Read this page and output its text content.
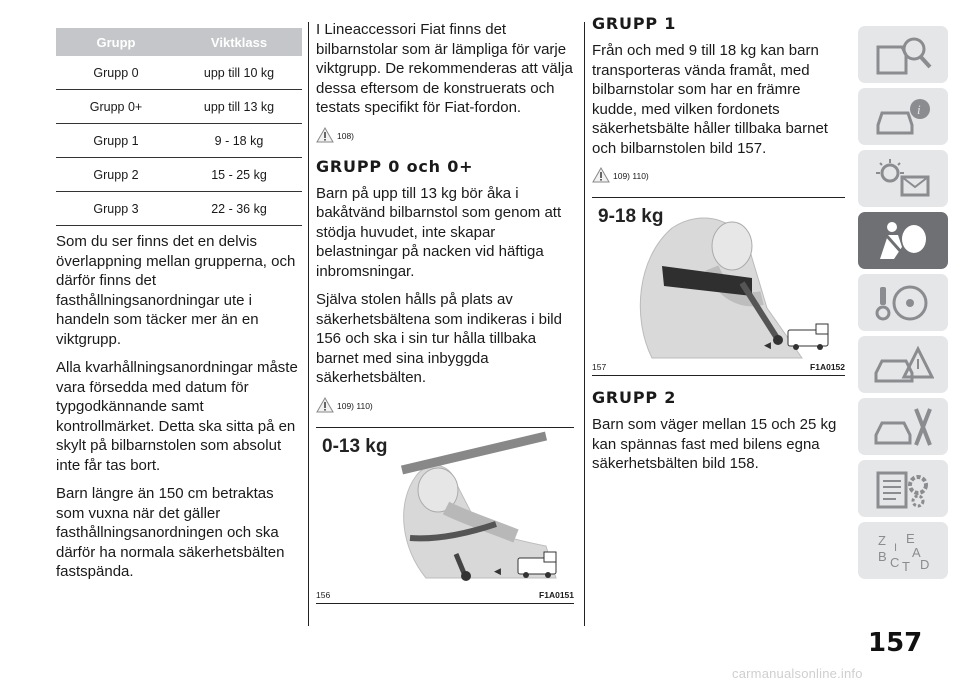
Grupp	Viktklass
Grupp 0	upp till 10 kg
Grupp 0+	upp till 13 kg
Grupp 1	9 - 18 kg
Grupp 2	15 - 25 kg
Grupp 3	22 - 36 kg

Som du ser finns det en delvis överlappning mellan grupperna, och därför finns det fasthållningsanordningar ute i handeln som täcker mer än en viktgrupp.

Alla kvarhållningsanordningar måste vara försedda med datum för typgodkännande samt kontrollmärket. Detta ska sitta på en skylt på bilbarnstolen som absolut inte får tas bort.

Barn längre än 150 cm betraktas som vuxna när det gäller fasthållningsanordningen och ska därför ha normala säkerhetsbälten fastspända.

I Lineaccessori Fiat finns det bilbarnstolar som är lämpliga för varje viktgrupp. De rekommenderas att välja dessa eftersom de konstruerats och testats specifikt för Fiat-fordon.

108)
GRUPP 0 och 0+

Barn på upp till 13 kg bör åka i bakåtvänd bilbarnstol som genom att stödja huvudet, inte skapar belastningar på nacken vid häftiga inbromsningar.

Själva stolen hålls på plats av säkerhetsbältena som indikeras i bild 156 och ska i sin tur hålla tillbaka barnet med sina inbyggda säkerhetsbälten.

109) 110)
◀
0-13 kg
156	F1A0151
GRUPP 1

Från och med 9 till 18 kg kan barn transporteras vända framåt, med bilbarnstolar som har en främre kudde, med vilken fordonets säkerhetsbälte håller tillbaka barnet och bilbarnstolen bild 157.

109) 110)
◀
9-18 kg
157	F1A0152
GRUPP 2

Barn som väger mellan 15 och 25 kg kan spännas fast med bilens egna säkerhetsbälten bild 158.

i
Z E
A
B C D
I
T
157
carmanualsonline.info
